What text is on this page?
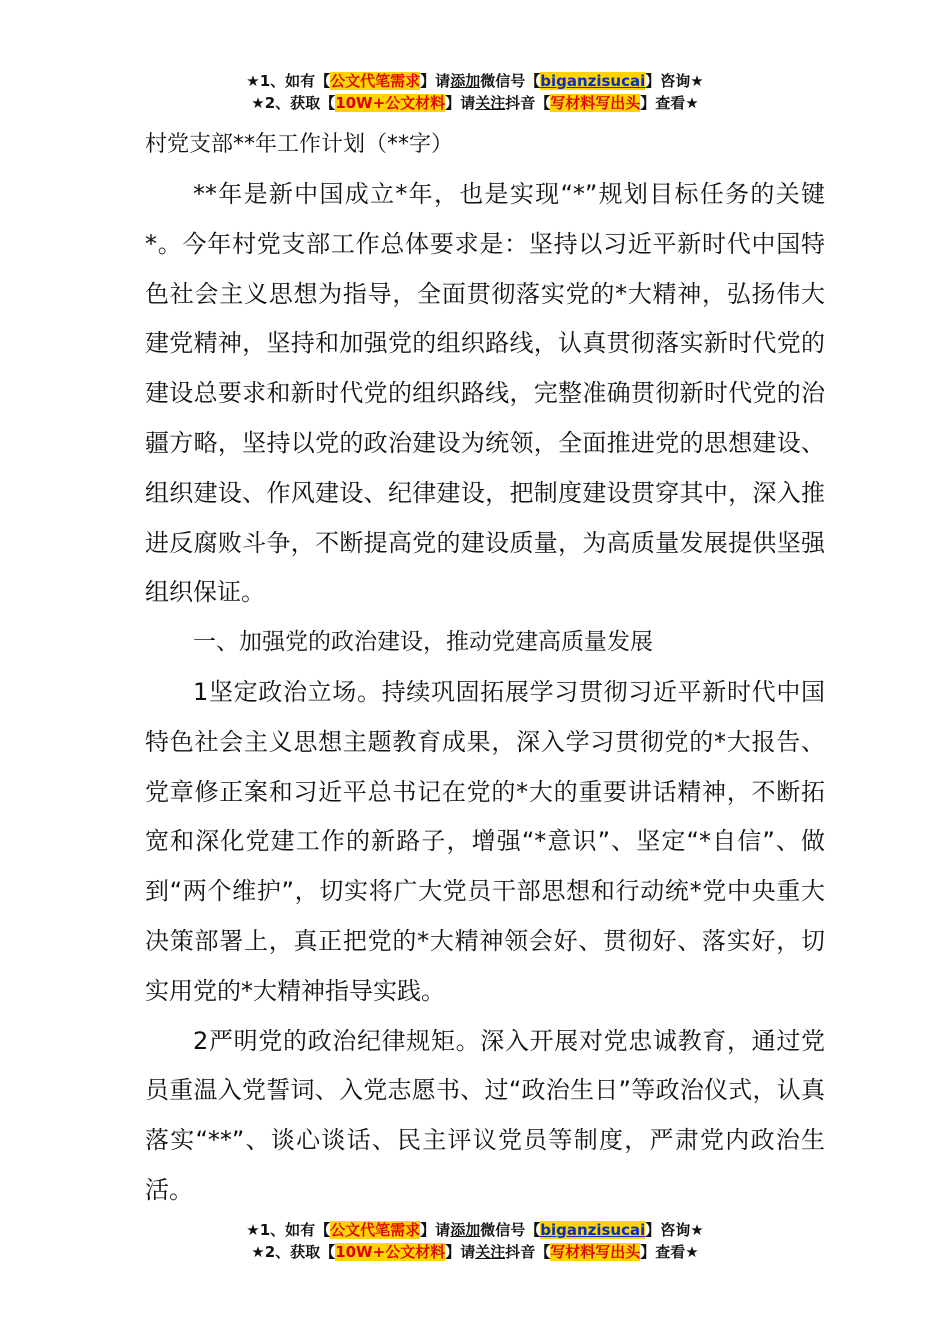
★1、如有【公文代笔需求】请添加微信号【biganzisucai】咨询★
★2、获取【10W+公文材料】请关注抖音【写材料写出头】查看★
村党支部**年工作计划（**字）

**年是新中国成立*年，也是实现“*”规划目标任务的关键*。今年村党支部工作总体要求是：坚持以习近平新时代中国特色社会主义思想为指导，全面贯彻落实党的*大精神，弘扬伟大建党精神，坚持和加强党的组织路线，认真贯彻落实新时代党的建设总要求和新时代党的组织路线，完整准确贯彻新时代党的治疆方略，坚持以党的政治建设为统领，全面推进党的思想建设、组织建设、作风建设、纪律建设，把制度建设贯穿其中，深入推进反腐败斗争，不断提高党的建设质量，为高质量发展提供坚强组织保证。

一、加强党的政治建设，推动党建高质量发展

1坚定政治立场。持续巩固拓展学习贯彻习近平新时代中国特色社会主义思想主题教育成果，深入学习贯彻党的*大报告、党章修正案和习近平总书记在党的*大的重要讲话精神，不断拓宽和深化党建工作的新路子，增强“*意识”、坚定“*自信”、做到“两个维护”，切实将广大党员干部思想和行动统*党中央重大决策部署上，真正把党的*大精神领会好、贯彻好、落实好，切实用党的*大精神指导实践。

2严明党的政治纪律规矩。深入开展对党忠诚教育，通过党员重温入党誓词、入党志愿书、过“政治生日”等政治仪式，认真落实“**”、谈心谈话、民主评议党员等制度，严肃党内政治生活。

★1、如有【公文代笔需求】请添加微信号【biganzisucai】咨询★
★2、获取【10W+公文材料】请关注抖音【写材料写出头】查看★
